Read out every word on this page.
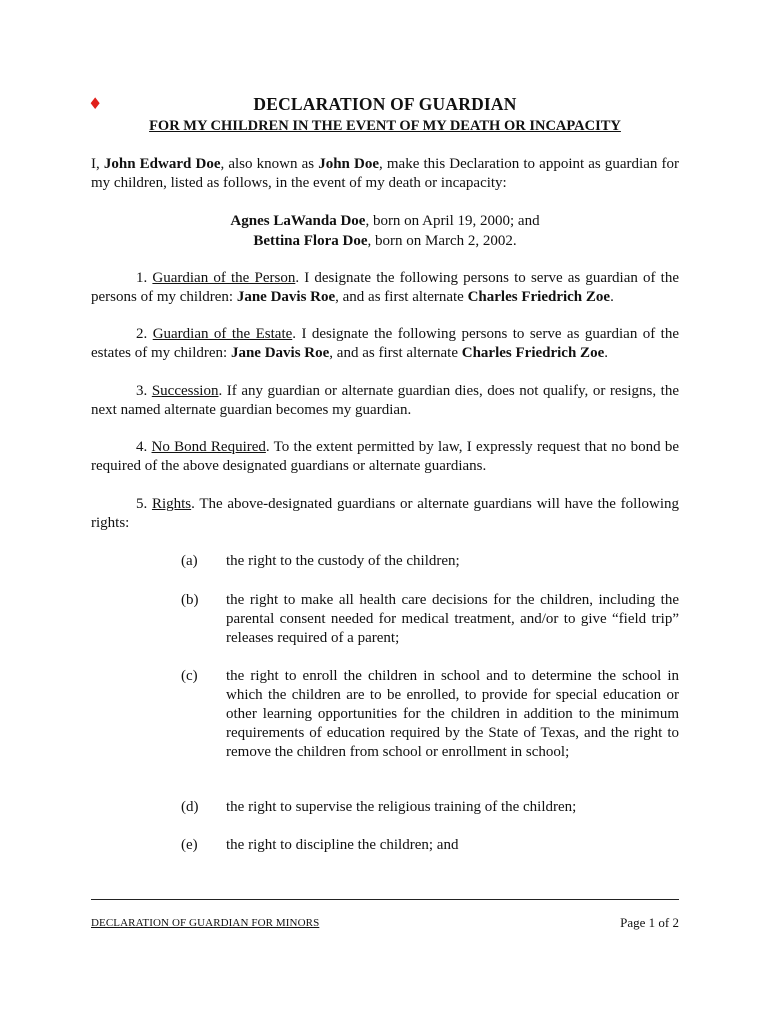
♦	DECLARATION OF GUARDIAN
FOR MY CHILDREN IN THE EVENT OF MY DEATH OR INCAPACITY
I, John Edward Doe, also known as John Doe, make this Declaration to appoint as guardian for my children, listed as follows, in the event of my death or incapacity:
Agnes LaWanda Doe, born on April 19, 2000; and
Bettina Flora Doe, born on March 2, 2002.
1. Guardian of the Person. I designate the following persons to serve as guardian of the persons of my children: Jane Davis Roe, and as first alternate Charles Friedrich Zoe.
2. Guardian of the Estate. I designate the following persons to serve as guardian of the estates of my children: Jane Davis Roe, and as first alternate Charles Friedrich Zoe.
3. Succession. If any guardian or alternate guardian dies, does not qualify, or resigns, the next named alternate guardian becomes my guardian.
4. No Bond Required. To the extent permitted by law, I expressly request that no bond be required of the above designated guardians or alternate guardians.
5. Rights. The above-designated guardians or alternate guardians will have the following rights:
(a) the right to the custody of the children;
(b) the right to make all health care decisions for the children, including the parental consent needed for medical treatment, and/or to give “field trip” releases required of a parent;
(c) the right to enroll the children in school and to determine the school in which the children are to be enrolled, to provide for special education or other learning opportunities for the children in addition to the minimum requirements of education required by the State of Texas, and the right to remove the children from school or enrollment in school;
(d) the right to supervise the religious training of the children;
(e) the right to discipline the children; and
DECLARATION OF GUARDIAN FOR MINORS	Page 1 of 2
